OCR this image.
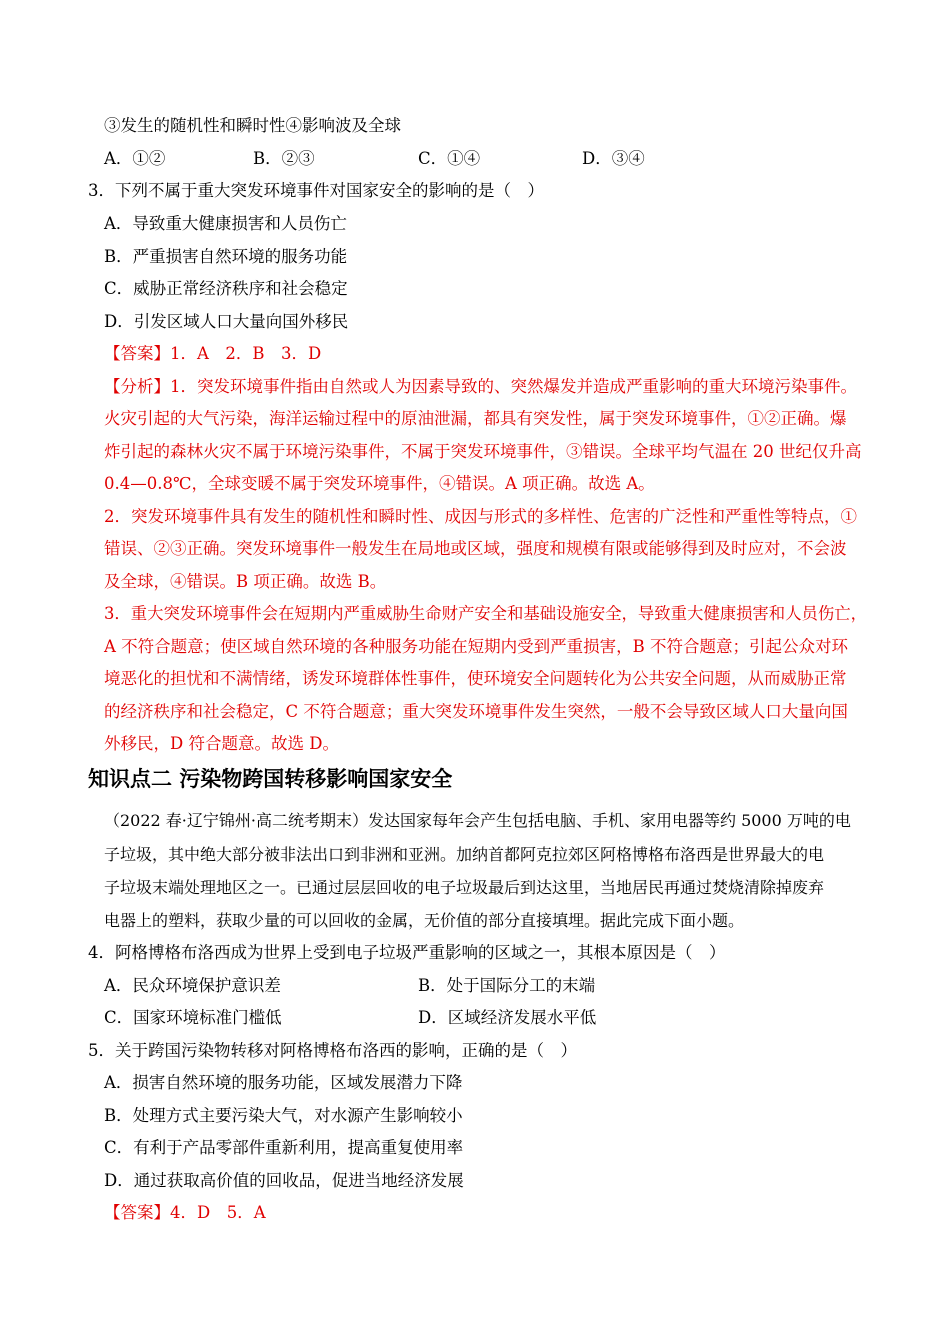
③发生的随机性和瞬时性④影响波及全球
A．①②	B．②③	C．①④	D．③④
3．下列不属于重大突发环境事件对国家安全的影响的是（　）
A．导致重大健康损害和人员伤亡
B．严重损害自然环境的服务功能
C．威胁正常经济秩序和社会稳定
D．引发区域人口大量向国外移民
【答案】1．A　2．B　3．D
【分析】1．突发环境事件指由自然或人为因素导致的、突然爆发并造成严重影响的重大环境污染事件。
火灾引起的大气污染，海洋运输过程中的原油泄漏，都具有突发性，属于突发环境事件，①②正确。爆
炸引起的森林火灾不属于环境污染事件，不属于突发环境事件，③错误。全球平均气温在 20 世纪仅升高
0.4—0.8℃，全球变暖不属于突发环境事件，④错误。A 项正确。故选 A。
2．突发环境事件具有发生的随机性和瞬时性、成因与形式的多样性、危害的广泛性和严重性等特点，①
错误、②③正确。突发环境事件一般发生在局地或区域，强度和规模有限或能够得到及时应对，不会波
及全球，④错误。B 项正确。故选 B。
3．重大突发环境事件会在短期内严重威胁生命财产安全和基础设施安全，导致重大健康损害和人员伤亡，
A 不符合题意；使区域自然环境的各种服务功能在短期内受到严重损害，B 不符合题意；引起公众对环
境恶化的担忧和不满情绪，诱发环境群体性事件，使环境安全问题转化为公共安全问题，从而威胁正常
的经济秩序和社会稳定，C 不符合题意；重大突发环境事件发生突然，一般不会导致区域人口大量向国
外移民，D 符合题意。故选 D。
知识点二 污染物跨国转移影响国家安全
（2022 春·辽宁锦州·高二统考期末）发达国家每年会产生包括电脑、手机、家用电器等约 5000 万吨的电
子垃圾，其中绝大部分被非法出口到非洲和亚洲。加纳首都阿克拉郊区阿格博格布洛西是世界最大的电
子垃圾末端处理地区之一。已通过层层回收的电子垃圾最后到达这里，当地居民再通过焚烧清除掉废弃
电器上的塑料，获取少量的可以回收的金属，无价值的部分直接填埋。据此完成下面小题。
4．阿格博格布洛西成为世界上受到电子垃圾严重影响的区域之一，其根本原因是（　）
A．民众环境保护意识差	B．处于国际分工的末端
C．国家环境标准门槛低	D．区域经济发展水平低
5．关于跨国污染物转移对阿格博格布洛西的影响，正确的是（　）
A．损害自然环境的服务功能，区域发展潜力下降
B．处理方式主要污染大气，对水源产生影响较小
C．有利于产品零部件重新利用，提高重复使用率
D．通过获取高价值的回收品，促进当地经济发展
【答案】4．D　5．A
